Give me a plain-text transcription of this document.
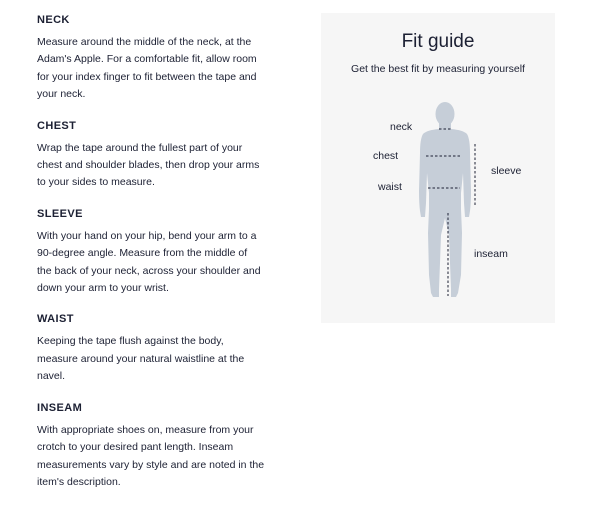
NECK

Measure around the middle of the neck, at the
Adam's Apple. For a comfortable fit, allow room
for your index finger to fit between the tape and
your neck.

CHEST

Wrap the tape around the fullest part of your
chest and shoulder blades, then drop your arms
to your sides to measure.

SLEEVE

With your hand on your hip, bend your arm to a
90-degree angle. Measure from the middle of
the back of your neck, across your shoulder and
down your arm to your wrist.

WAIST

Keeping the tape flush against the body,
measure around your natural waistline at the
navel.

INSEAM

With appropriate shoes on, measure from your
crotch to your desired pant length. Inseam
measurements vary by style and are noted in the
item's description.

Fit guide
Get the best fit by measuring yourself
neck
chest
waist
sleeve
inseam
